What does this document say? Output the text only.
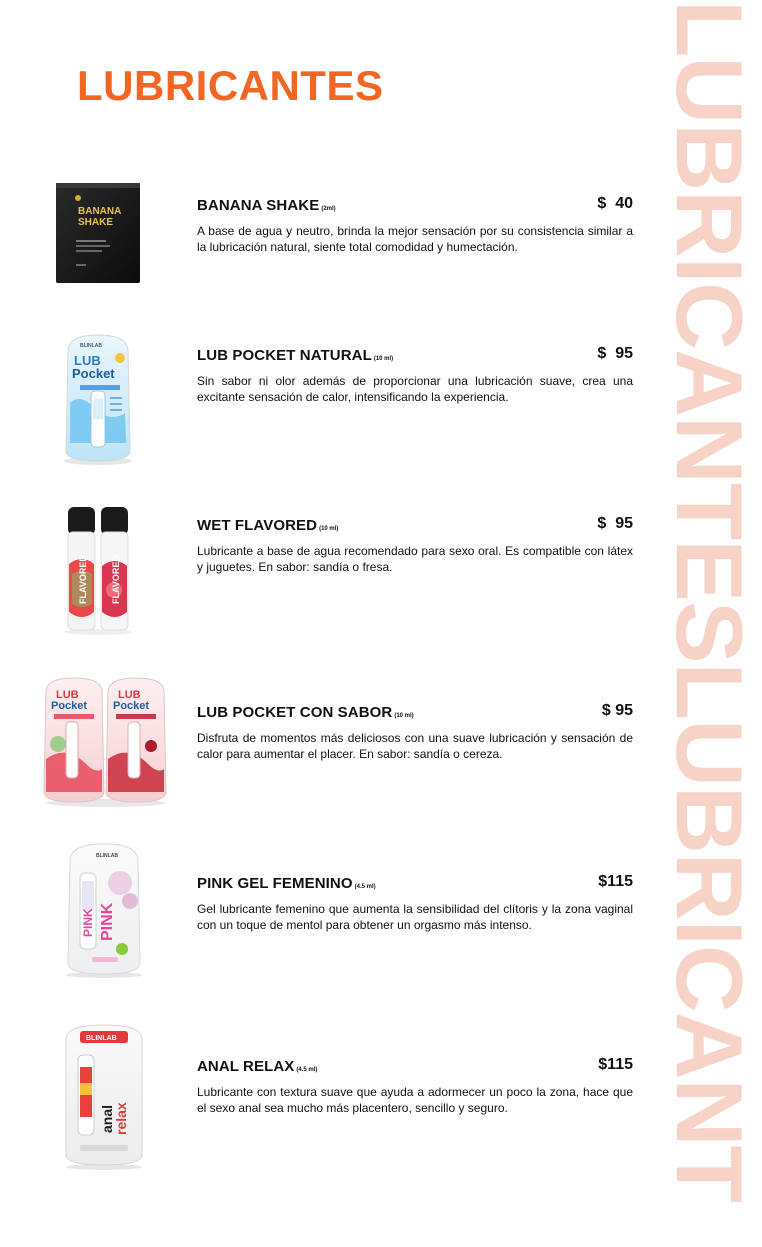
LUBRICANTES	LUBRICANTESLUBRICANT
BANANA
SHAKE
BANANA SHAKE (2ml)	$  40
A base de agua y neutro, brinda la mejor sensación por su consistencia similar a la lubricación natural, siente total comodidad y humectación.
BLINLAB
LUB
Pocket
LUB POCKET NATURAL (10 ml)	$  95
Sin sabor ni olor además de proporcionar una lubricación suave, crea una excitante sensación de calor, intensificando la experiencia.
FLAVORED	FLAVORED
WET FLAVORED (10 ml)	$  95
Lubricante a base de agua recomendado para sexo oral. Es compatible con látex y juguetes. En sabor: sandía o fresa.
LUB
Pocket
LUB
Pocket	LUB POCKET CON SABOR (10 ml)	$ 95
Disfruta de momentos más deliciosos con una suave lubricación y sensación de calor para aumentar el placer. En sabor: sandía o cereza.
BLINLAB
PINK PINK
PINK GEL FEMENINO (4.5 ml)	$115
Gel lubricante femenino que aumenta la sensibilidad del clítoris y la zona vaginal con un toque de mentol para obtener un orgasmo más intenso.
BLINLAB
anal
relax
ANAL RELAX (4.5 ml)	$115
Lubricante con textura suave que ayuda a adormecer un poco la zona, hace que el sexo anal sea mucho más placentero, sencillo y seguro.
